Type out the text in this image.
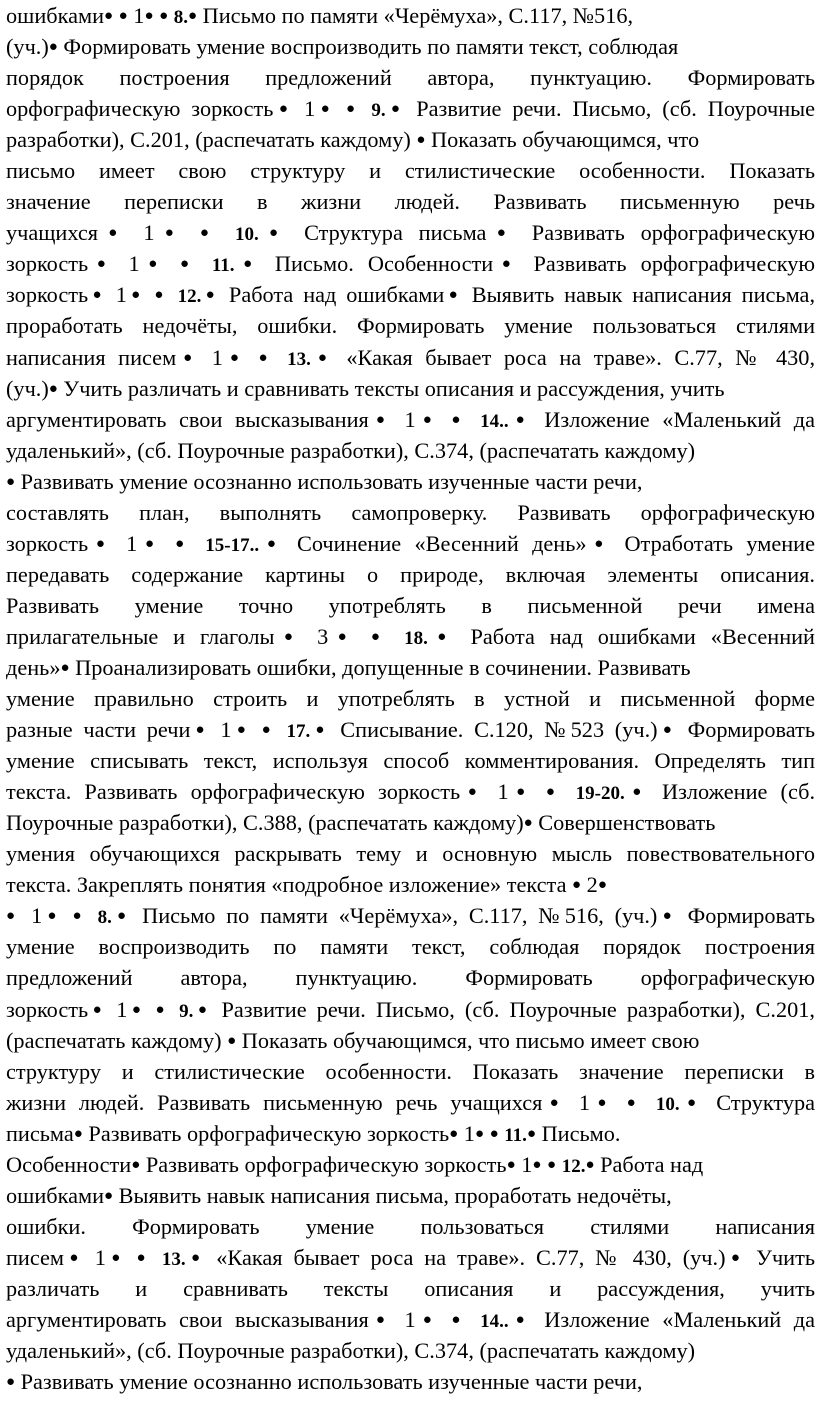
ошибками● ● 1● ● 8.● Письмо по памяти «Черёмуха», С.117, №516,
(уч.)● Формировать умение воспроизводить по памяти текст, соблюдая
порядок построения предложений автора, пунктуацию. Формировать
орфографическую зоркость● 1● ● 9.● Развитие речи. Письмо, (сб. Поурочные
разработки), С.201, (распечатать каждому) ● Показать обучающимся, что
письмо имеет свою структуру и стилистические особенности. Показать
значение переписки в жизни людей. Развивать письменную речь
учащихся● 1● ● 10.● Структура письма● Развивать орфографическую
зоркость● 1● ● 11.● Письмо. Особенности● Развивать орфографическую
зоркость● 1● ● 12.● Работа над ошибками● Выявить навык написания письма,
проработать недочёты, ошибки. Формировать умение пользоваться стилями
написания писем● 1● ● 13.● «Какая бывает роса на траве». С.77, № 430,
(уч.)● Учить различать и сравнивать тексты описания и рассуждения, учить
аргументировать свои высказывания● 1● ● 14..● Изложение «Маленький да
удаленький», (сб. Поурочные разработки), С.374, (распечатать каждому)
● Развивать умение осознанно использовать изученные части речи,
составлять план, выполнять самопроверку. Развивать орфографическую
зоркость● 1● ● 15-17..● Сочинение «Весенний день»● Отработать умение
передавать содержание картины о природе, включая элементы описания.
Развивать умение точно употреблять в письменной речи имена
прилагательные и глаголы● 3● ● 18.● Работа над ошибками «Весенний
день»● Проанализировать ошибки, допущенные в сочинении. Развивать
умение правильно строить и употреблять в устной и письменной форме
разные части речи● 1● ● 17.● Списывание. С.120, №523 (уч.)● Формировать
умение списывать текст, используя способ комментирования. Определять тип
текста. Развивать орфографическую зоркость● 1● ● 19-20.● Изложение (сб.
Поурочные разработки), С.388, (распечатать каждому)● Совершенствовать
умения обучающихся раскрывать тему и основную мысль повествовательного
текста. Закреплять понятия «подробное изложение» текста ● 2●
● 1● ● 8.● Письмо по памяти «Черёмуха», С.117, №516, (уч.)● Формировать
умение воспроизводить по памяти текст, соблюдая порядок построения
предложений автора, пунктуацию. Формировать орфографическую
зоркость● 1● ● 9.● Развитие речи. Письмо, (сб. Поурочные разработки), С.201,
(распечатать каждому) ● Показать обучающимся, что письмо имеет свою
структуру и стилистические особенности. Показать значение переписки в
жизни людей. Развивать письменную речь учащихся● 1● ● 10.● Структура
письма● Развивать орфографическую зоркость● 1● ● 11.● Письмо.
Особенности● Развивать орфографическую зоркость● 1● ● 12.● Работа над
ошибками● Выявить навык написания письма, проработать недочёты,
ошибки. Формировать умение пользоваться стилями написания
писем● 1● ● 13.● «Какая бывает роса на траве». С.77, № 430, (уч.)● Учить
различать и сравнивать тексты описания и рассуждения, учить
аргументировать свои высказывания● 1● ● 14..● Изложение «Маленький да
удаленький», (сб. Поурочные разработки), С.374, (распечатать каждому)
● Развивать умение осознанно использовать изученные части речи,
